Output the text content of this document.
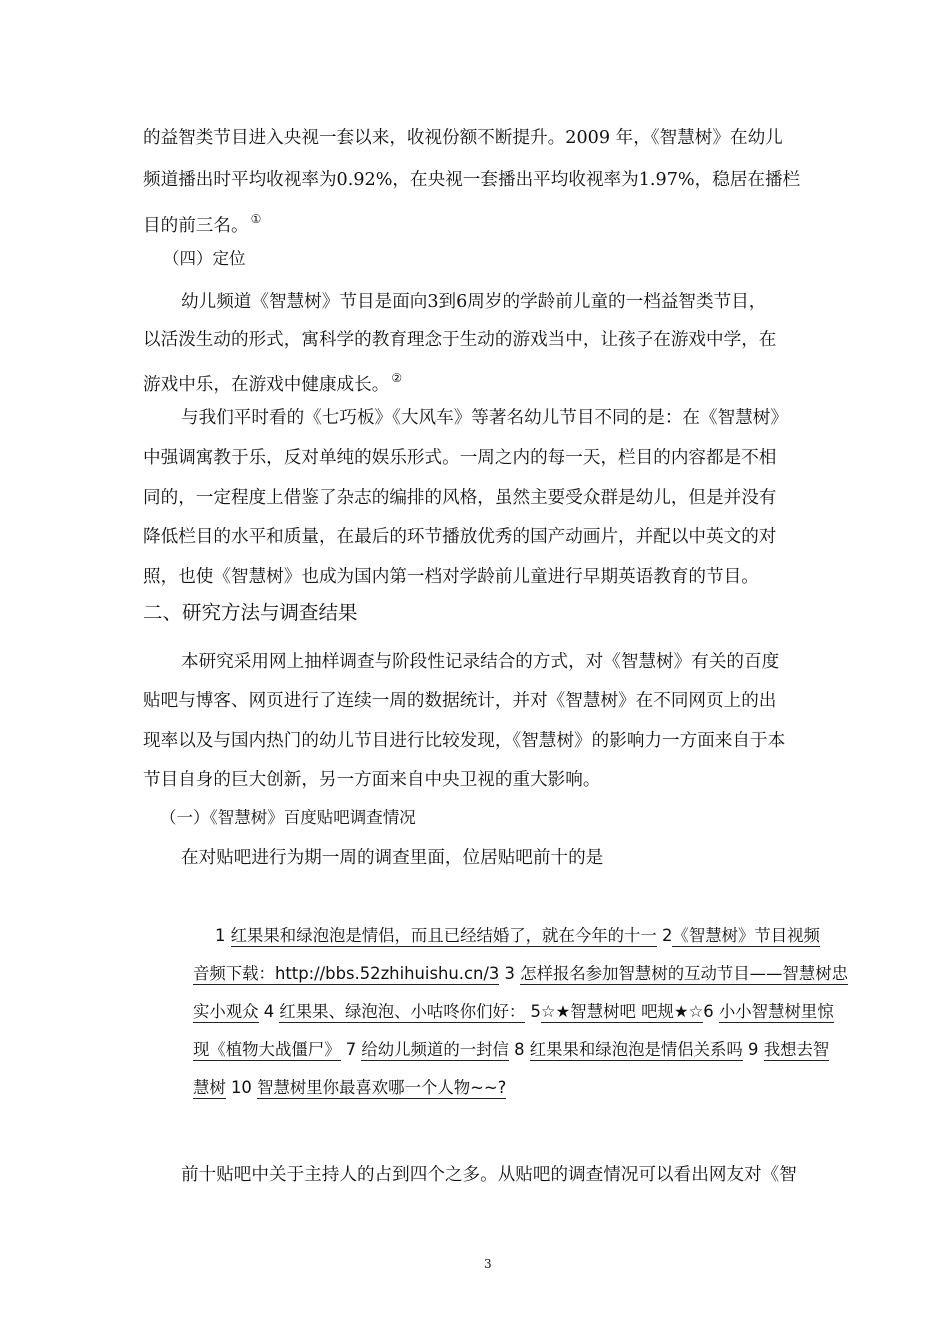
的益智类节目进入央视一套以来，收视份额不断提升。2009 年，《智慧树》在幼儿
频道播出时平均收视率为0.92%，在央视一套播出平均收视率为1.97%，稳居在播栏
目的前三名。 ①
（四）定位
幼儿频道《智慧树》节目是面向3到6周岁的学龄前儿童的一档益智类节目，
以活泼生动的形式，寓科学的教育理念于生动的游戏当中，让孩子在游戏中学，在
游戏中乐，在游戏中健康成长。 ②
与我们平时看的《七巧板》《大风车》等著名幼儿节目不同的是：在《智慧树》
中强调寓教于乐，反对单纯的娱乐形式。一周之内的每一天，栏目的内容都是不相
同的，一定程度上借鉴了杂志的编排的风格，虽然主要受众群是幼儿，但是并没有
降低栏目的水平和质量，在最后的环节播放优秀的国产动画片，并配以中英文的对
照，也使《智慧树》也成为国内第一档对学龄前儿童进行早期英语教育的节目。
二、研究方法与调查结果
本研究采用网上抽样调查与阶段性记录结合的方式，对《智慧树》有关的百度
贴吧与博客、网页进行了连续一周的数据统计，并对《智慧树》在不同网页上的出
现率以及与国内热门的幼儿节目进行比较发现，《智慧树》的影响力一方面来自于本
节目自身的巨大创新，另一方面来自中央卫视的重大影响。
（一）《智慧树》百度贴吧调查情况
在对贴吧进行为期一周的调查里面，位居贴吧前十的是
1 红果果和绿泡泡是情侣，而且已经结婚了，就在今年的十一 2《智慧树》节目视频
音频下载：http://bbs.52zhihuishu.cn/3 3 怎样报名参加智慧树的互动节目——智慧树忠
实小观众 4 红果果、绿泡泡、小咕咚你们好： 5☆★智慧树吧 吧规★☆6 小小智慧树里惊
现《植物大战僵尸》 7 给幼儿频道的一封信 8 红果果和绿泡泡是情侣关系吗 9 我想去智
慧树 10 智慧树里你最喜欢哪一个人物~~?
前十贴吧中关于主持人的占到四个之多。从贴吧的调查情况可以看出网友对《智
3
